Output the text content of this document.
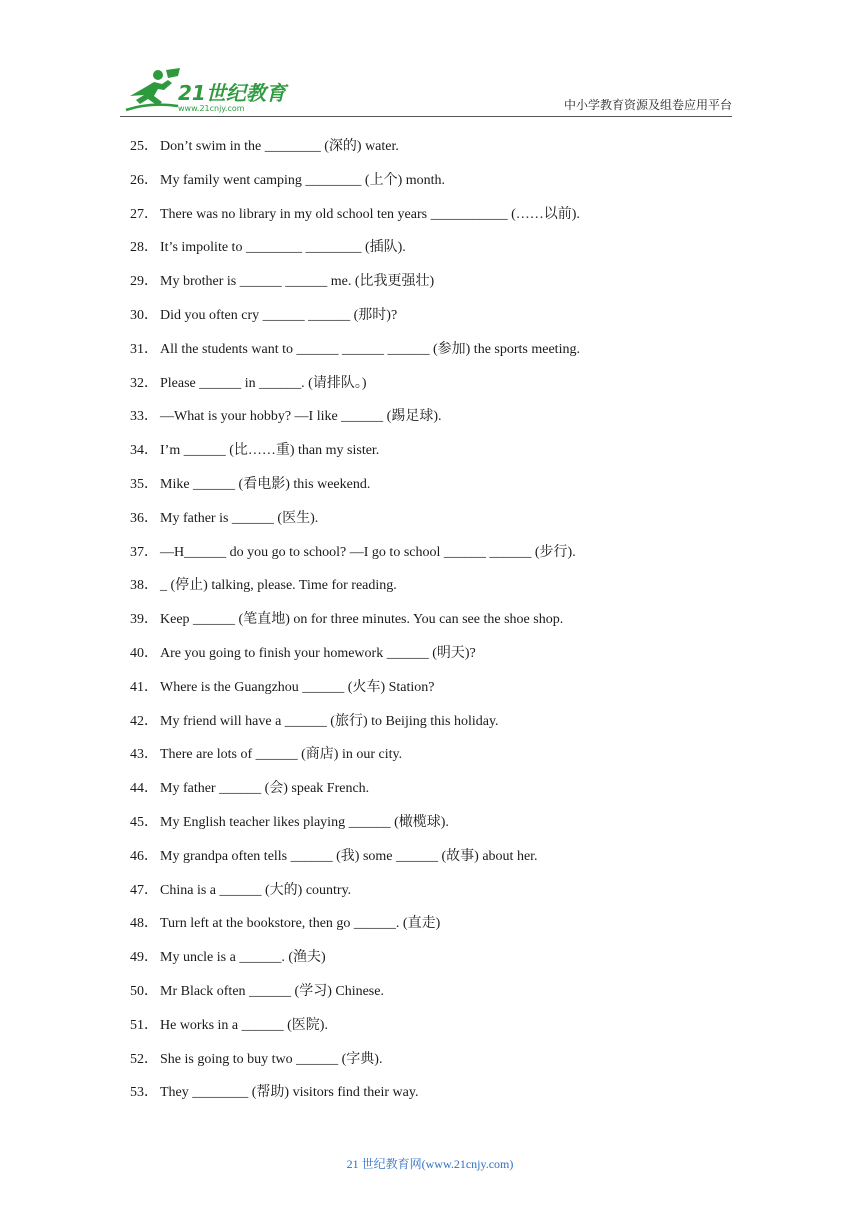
21世纪教育
www.21cnjy.com	中小学教育资源及组卷应用平台
25． Don’t swim in the ________ (深的) water.
26． My family went camping ________ (上个) month.
27． There was no library in my old school ten years ___________ (……以前).
28． It’s impolite to ________ ________ (插队).
29． My brother is ______ ______ me. (比我更强壮)
30． Did you often cry ______ ______ (那时)?
31． All the students want to ______ ______ ______ (参加) the sports meeting.
32． Please ______ in ______. (请排队。)
33． —What is your hobby? —I like ______ (踢足球).
34． I’m ______ (比……重) than my sister.
35． Mike ______ (看电影) this weekend.
36． My father is ______ (医生).
37． —H______ do you go to school? —I go to school ______ ______ (步行).
38． _ (停止) talking, please. Time for reading.
39． Keep ______ (笔直地) on for three minutes. You can see the shoe shop.
40． Are you going to finish your homework ______ (明天)?
41． Where is the Guangzhou ______ (火车) Station?
42． My friend will have a ______ (旅行) to Beijing this holiday.
43． There are lots of ______ (商店) in our city.
44． My father ______ (会) speak French.
45． My English teacher likes playing ______ (橄榄球).
46． My grandpa often tells ______ (我) some ______ (故事) about her.
47． China is a ______ (大的) country.
48． Turn left at the bookstore, then go ______. (直走)
49． My uncle is a ______. (渔夫)
50． Mr Black often ______ (学习) Chinese.
51． He works in a ______ (医院).
52． She is going to buy two ______ (字典).
53． They ________ (帮助) visitors find their way.
21 世纪教育网(www.21cnjy.com)
